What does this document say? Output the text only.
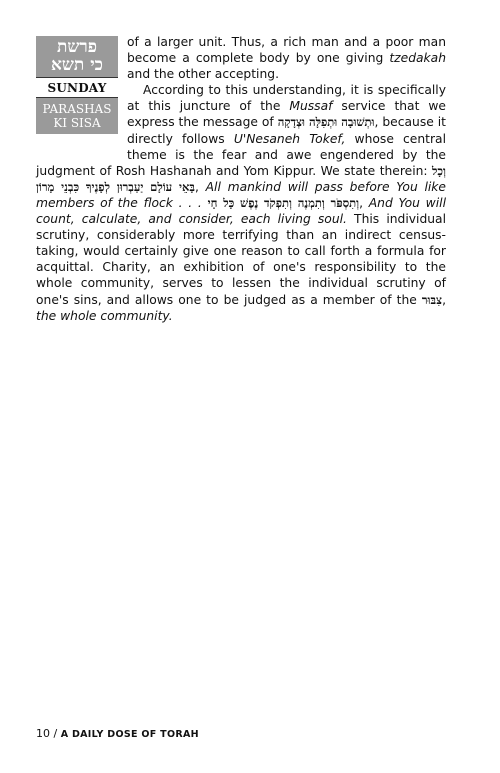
פרשת
כי תשא
SUNDAY
PARASHAS
KI SISA

of a larger unit. Thus, a rich man and a poor man become a complete body by one giving tzedakah and the other accepting.

According to this understanding, it is specifically at this juncture of the Mussaf service that we express the message of וּתְשׁוּבָה וּתְפִלָּה וּצְדָקָה, because it directly follows U'Nesaneh Tokef, whose central theme is the fear and awe engendered by the judgment of Rosh Hashanah and Yom Kippur. We state therein: וְכָל בָּאֵי עוֹלָם יַעַבְרוּן לְפָנֶיךָ כִּבְנֵי מָרוֹן, All mankind will pass before You like members of the flock . . . וְתִסְפֹּר וְתִמְנֶה וְתִפְקֹד נֶפֶשׁ כָּל חָי, And You will count, calculate, and consider, each living soul. This individual scrutiny, considerably more terrifying than an indirect census-taking, would certainly give one reason to call forth a formula for acquittal. Charity, an exhibition of one's responsibility to the whole community, serves to lessen the individual scrutiny of one's sins, and allows one to be judged as a member of the צִבּוּר, the whole community.

10 / A DAILY DOSE OF TORAH
